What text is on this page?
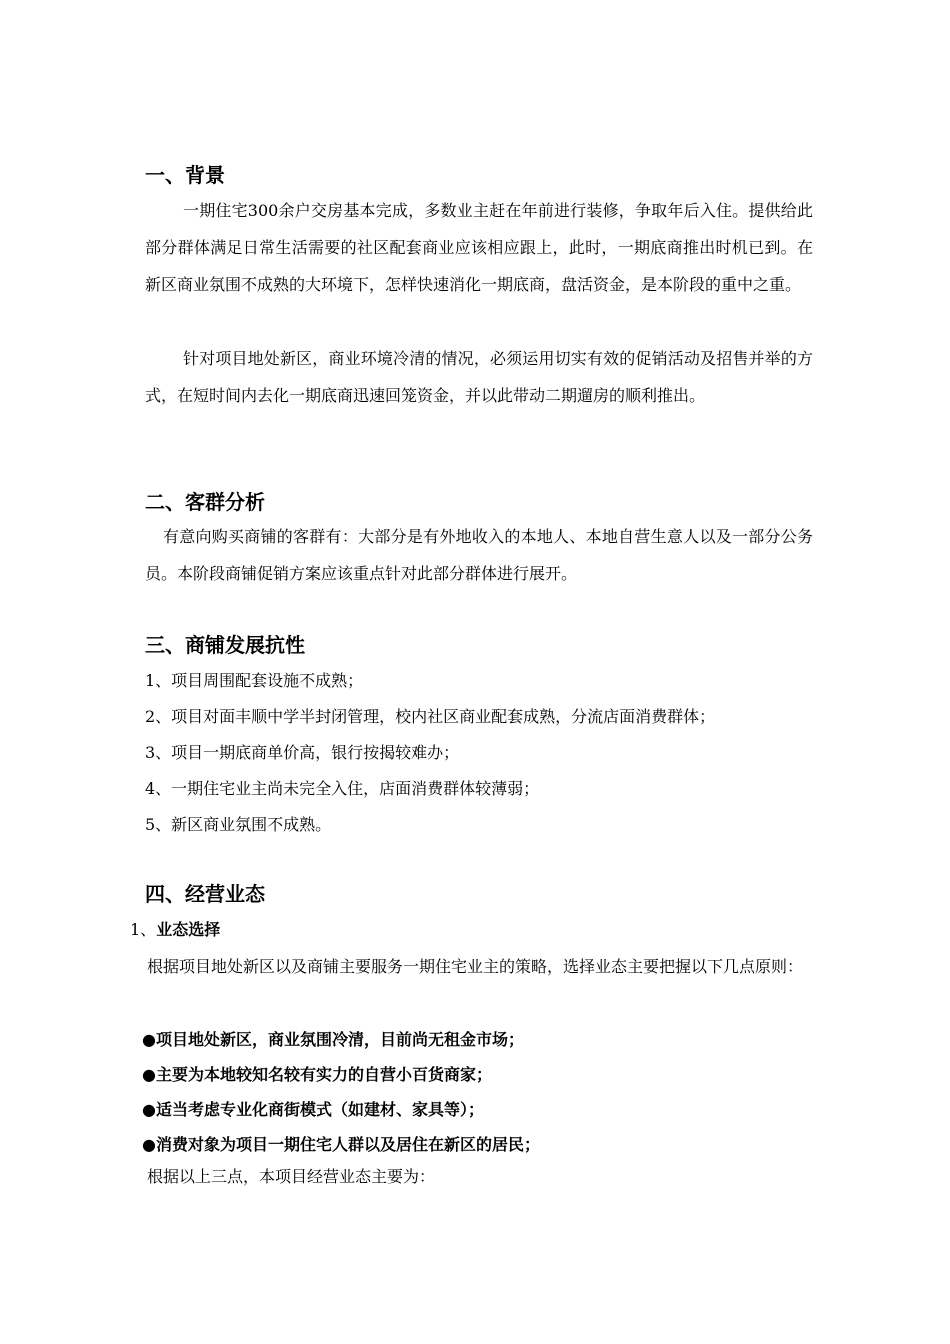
一、背景

一期住宅300余户交房基本完成，多数业主赶在年前进行装修，争取年后入住。提供给此部分群体满足日常生活需要的社区配套商业应该相应跟上，此时，一期底商推出时机已到。在新区商业氛围不成熟的大环境下，怎样快速消化一期底商，盘活资金，是本阶段的重中之重。

针对项目地处新区，商业环境冷清的情况，必须运用切实有效的促销活动及招售并举的方式，在短时间内去化一期底商迅速回笼资金，并以此带动二期遛房的顺利推出。

二、客群分析

有意向购买商铺的客群有：大部分是有外地收入的本地人、本地自营生意人以及一部分公务员。本阶段商铺促销方案应该重点针对此部分群体进行展开。

三、商铺发展抗性
1、项目周围配套设施不成熟；
2、项目对面丰顺中学半封闭管理，校内社区商业配套成熟，分流店面消费群体；
3、项目一期底商单价高，银行按揭较难办；
4、一期住宅业主尚未完全入住，店面消费群体较薄弱；
5、新区商业氛围不成熟。
四、经营业态
1、业态选择

根据项目地处新区以及商铺主要服务一期住宅业主的策略，选择业态主要把握以下几点原则：

●项目地处新区，商业氛围冷清，目前尚无租金市场；
●主要为本地较知名较有实力的自营小百货商家；
●适当考虑专业化商街模式（如建材、家具等）；
●消费对象为项目一期住宅人群以及居住在新区的居民；
根据以上三点，本项目经营业态主要为：
